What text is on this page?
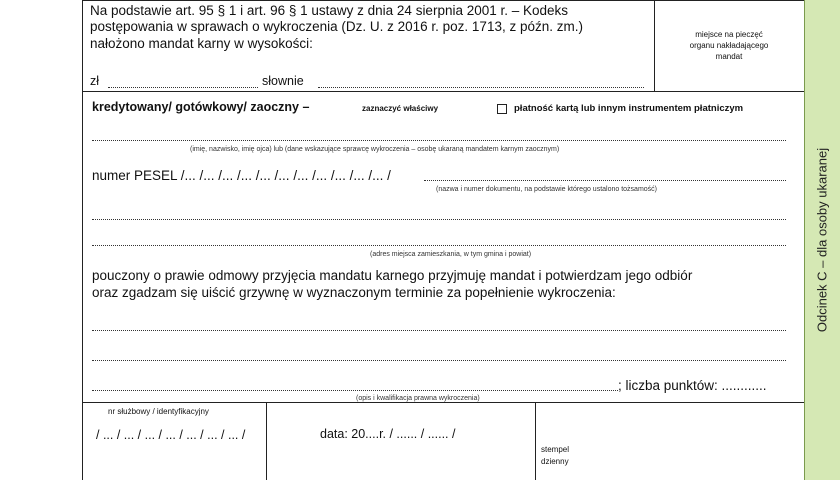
Odcinek C – dla osoby ukaranej
Na podstawie art. 95 § 1 i art. 96 § 1 ustawy z dnia 24 sierpnia 2001 r. – Kodeks
postępowania w sprawach o wykroczenia (Dz. U. z 2016 r. poz. 1713, z późn. zm.)
nałożono mandat karny w wysokości:
zł	słownie
miejsce na pieczęć
organu nakładającego
mandat
kredytowany/ gotówkowy/ zaoczny –	zaznaczyć właściwy	płatność kartą lub innym instrumentem płatniczym
(imię, nazwisko, imię ojca) lub (dane wskazujące sprawcę wykroczenia – osobę ukaraną mandatem karnym zaocznym)
numer PESEL /... /... /... /... /... /... /... /... /... /... /... /
(nazwa i numer dokumentu, na podstawie którego ustalono tożsamość)
(adres miejsca zamieszkania, w tym gmina i powiat)
pouczony o prawie odmowy przyjęcia mandatu karnego przyjmuję mandat i potwierdzam jego odbiór
oraz zgadzam się uiścić grzywnę w wyznaczonym terminie za popełnienie wykroczenia:
; liczba punktów: ............
(opis i kwalifikacja prawna wykroczenia)
nr służbowy / identyfikacyjny
/ ... / ... / ... / ... / ... / ... / ... /	data: 20....r. / ...... / ...... /
stempel
dzienny
